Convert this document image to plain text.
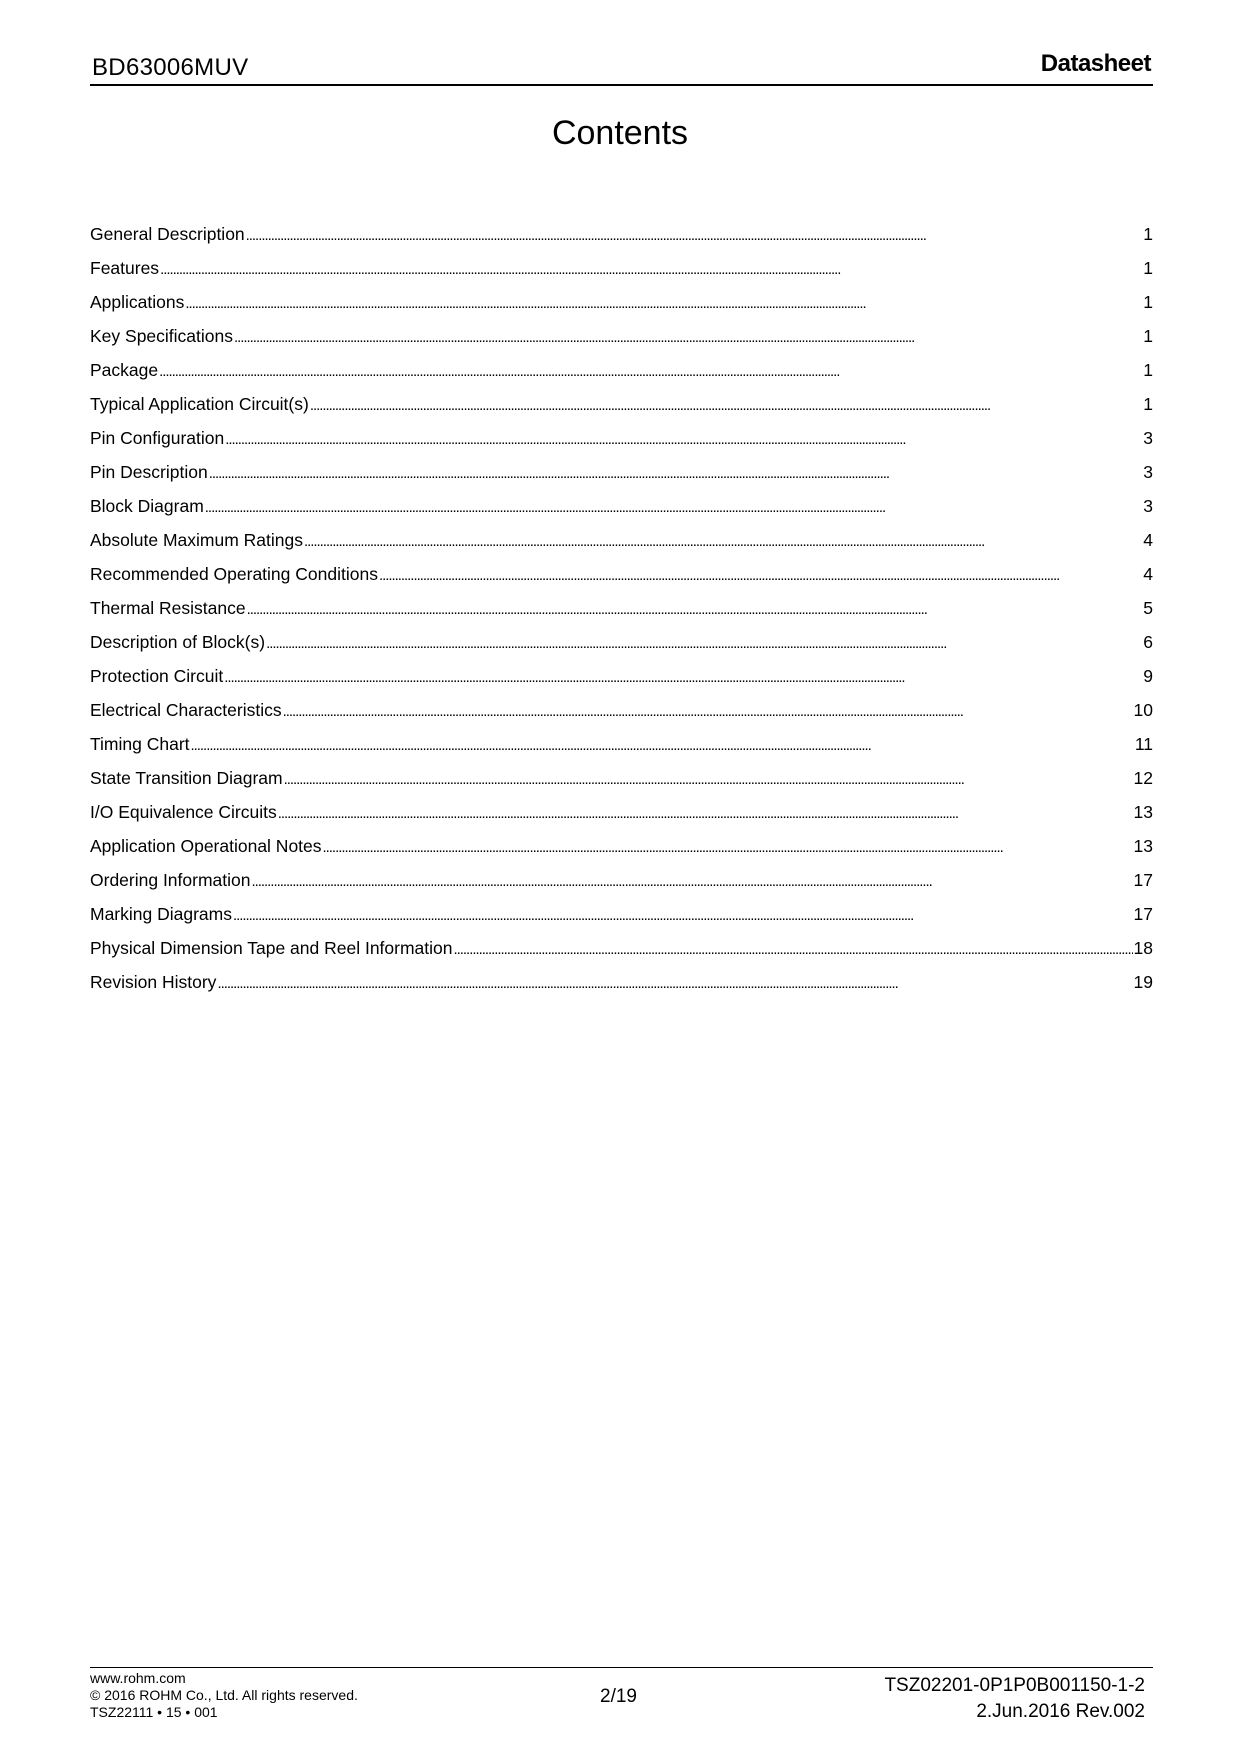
BD63006MUV	Datasheet
Contents
General Description . . .	1
Features . . .	1
Applications . . .	1
Key Specifications . . .	1
Package . . .	1
Typical Application Circuit(s) . . .	1
Pin Configuration . . .	3
Pin Description . . .	3
Block Diagram . . .	3
Absolute Maximum Ratings . . .	4
Recommended Operating Conditions . . .	4
Thermal Resistance . . .	5
Description of Block(s) . . .	6
Protection Circuit . . .	9
Electrical Characteristics . . .	10
Timing Chart . . .	11
State Transition Diagram . . .	12
I/O Equivalence Circuits . . .	13
Application Operational Notes . . .	13
Ordering Information . . .	17
Marking Diagrams . . .	17
Physical Dimension Tape and Reel Information . . .	18
Revision History . . .	19
www.rohm.com
© 2016 ROHM Co., Ltd. All rights reserved.
TSZ22111 • 15 • 001
2/19
TSZ02201-0P1P0B001150-1-2
2.Jun.2016 Rev.002
